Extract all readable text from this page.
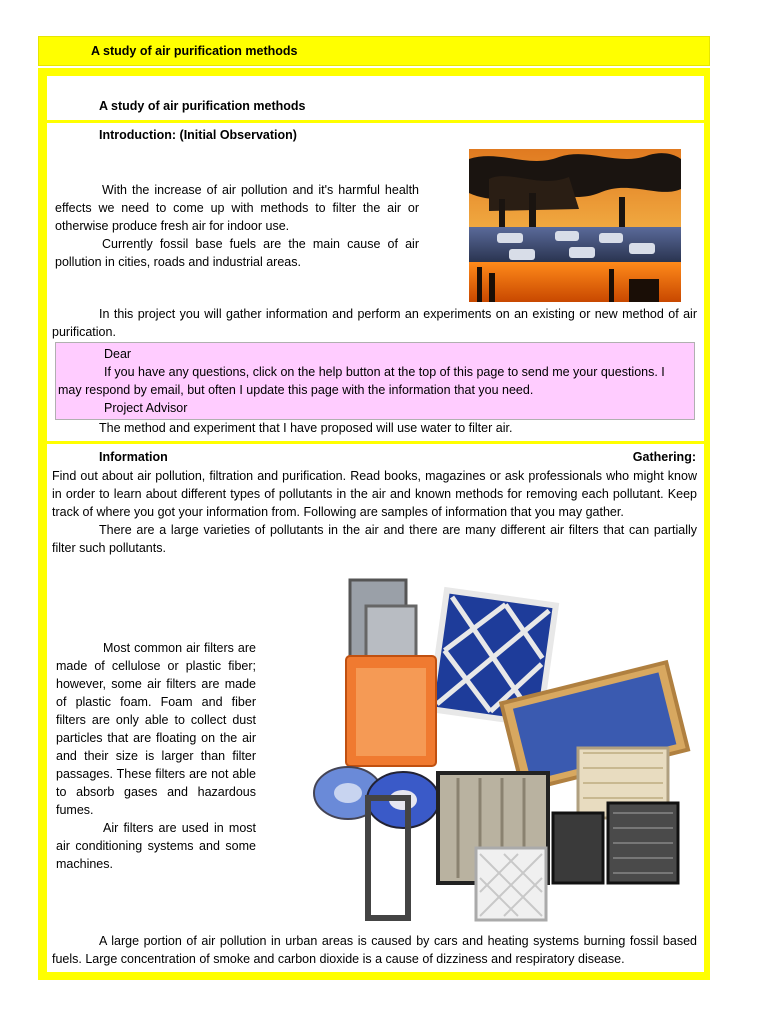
A study of air purification methods
A study of air purification methods
Introduction: (Initial Observation)

With the increase of air pollution and it's harmful health effects we need to come up with methods to filter the air or otherwise produce fresh air for indoor use.

Currently fossil base fuels are the main cause of air pollution in cities, roads and industrial areas.

In this project you will gather information and perform an experiments on an existing or new method of air purification.

Dear
If you have any questions, click on the help button at the top of this page to send me your questions. I
may respond by email, but often I update this page with the information that you need.
Project Advisor
The method and experiment that I have proposed will use water to filter air.
Information	Gathering:

Find out about air pollution, filtration and purification. Read books, magazines or ask professionals who might know in order to learn about different types of pollutants in the air and known methods for removing each pollutant. Keep track of where you got your information from. Following are samples of information that you may gather.

There are a large varieties of pollutants in the air and there are many different air filters that can partially filter such pollutants.

Most common air filters are made of cellulose or plastic fiber; however, some air filters are made of plastic foam. Foam and fiber filters are only able to collect dust particles that are floating on the air and their size is larger than filter passages. These filters are not able to absorb gases and hazardous fumes.

Air filters are used in most air conditioning systems and some machines.

A large portion of air pollution in urban areas is caused by cars and heating systems burning fossil based fuels. Large concentration of smoke and carbon dioxide is a cause of dizziness and respiratory disease.
